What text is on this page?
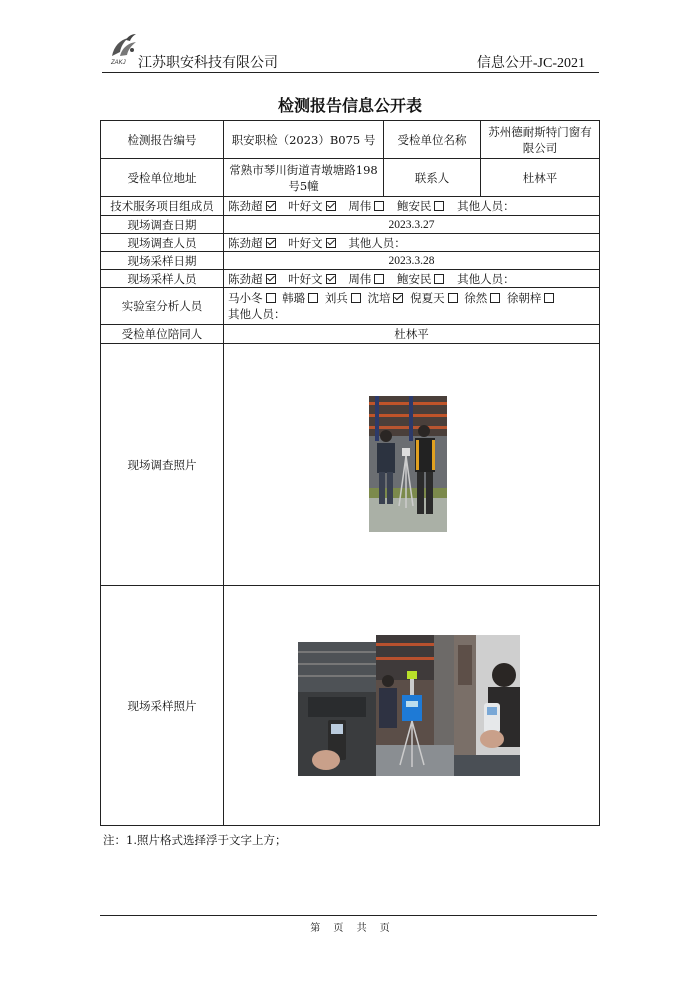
ZAKJ 江苏职安科技有限公司	信息公开-JC-2021
检测报告信息公开表
检测报告编号	职安职检（2023）B075 号	受检单位名称	苏州德耐斯特门窗有限公司
受检单位地址	常熟市琴川街道青墩塘路198号5幢	联系人	杜林平
技术服务项目组成员	陈劲超 叶好文 周伟 鲍安民 其他人员：		
现场调查日期	2023.3.27		
现场调查人员	陈劲超 叶好文 其他人员：		
现场采样日期	2023.3.28		
现场采样人员	陈劲超 叶好文 周伟 鲍安民 其他人员：		
实验室分析人员	马小冬 韩璐 刘兵 沈培 倪夏天 徐然 徐朝梓
其他人员：		

受检单位陪同人	杜林平		
现场调查照片	

现场采样照片	
注：1.照片格式选择浮于文字上方；
第 页 共 页
